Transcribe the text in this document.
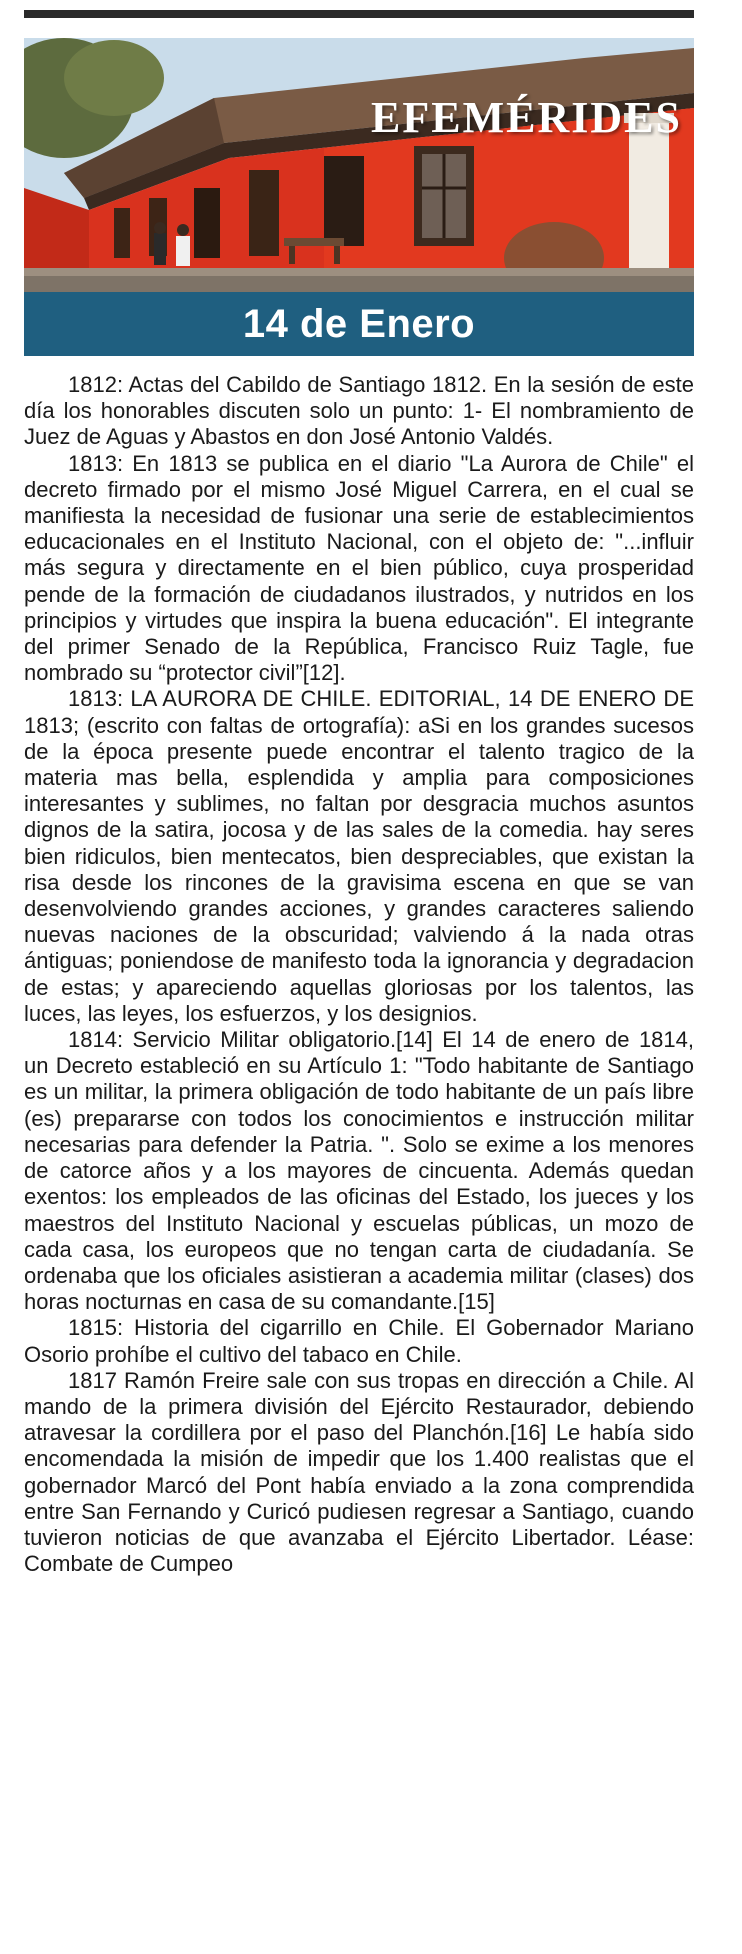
EFEMÉRIDES
14 de Enero

1812: Actas del Cabildo de Santiago 1812. En la sesión de este día los honorables discuten solo un punto: 1- El nombramiento de Juez de Aguas y Abastos en don José Antonio Valdés.

1813: En 1813 se publica en el diario "La Aurora de Chile" el decreto firmado por el mismo José Miguel Carrera, en el cual se manifiesta la necesidad de fusionar una serie de establecimientos educacionales en el Instituto Nacional, con el objeto de: "...influir más segura y directamente en el bien público, cuya prosperidad pende de la formación de ciudadanos ilustrados, y nutridos en los principios y virtudes que inspira la buena educación". El integrante del primer Senado de la República, Francisco Ruiz Tagle, fue nombrado su “protector civil”[12].

1813: LA AURORA DE CHILE. EDITORIAL, 14 DE ENERO DE 1813; (escrito con faltas de ortografía): aSi en los grandes sucesos de la época presente puede encontrar el talento tragico de la materia mas bella, esplendida y amplia para composiciones interesantes y sublimes, no faltan por desgracia muchos asuntos dignos de la satira, jocosa y de las sales de la comedia. hay seres bien ridiculos, bien mentecatos, bien despreciables, que existan la risa desde los rincones de la gravisima escena en que se van desenvolviendo grandes acciones, y grandes caracteres saliendo nuevas naciones de la obscuridad; valviendo á la nada otras ántiguas; poniendose de manifesto toda la ignorancia y degradacion de estas; y apareciendo aquellas gloriosas por los talentos, las luces, las leyes, los esfuerzos, y los designios.

1814: Servicio Militar obligatorio.[14] El 14 de enero de 1814, un Decreto estableció en su Artículo 1: "Todo habitante de Santiago es un militar, la primera obligación de todo habitante de un país libre (es) prepararse con todos los conocimientos e instrucción militar necesarias para defender la Patria. ". Solo se exime a los menores de catorce años y a los mayores de cincuenta. Además quedan exentos: los empleados de las oficinas del Estado, los jueces y los maestros del Instituto Nacional y escuelas públicas, un mozo de cada casa, los europeos que no tengan carta de ciudadanía. Se ordenaba que los oficiales asistieran a academia militar (clases) dos horas nocturnas en casa de su comandante.[15]

1815: Historia del cigarrillo en Chile. El Gobernador Mariano Osorio prohíbe el cultivo del tabaco en Chile.

1817 Ramón Freire sale con sus tropas en dirección a Chile. Al mando de la primera división del Ejército Restaurador, debiendo atravesar la cordillera por el paso del Planchón.[16] Le había sido encomendada la misión de impedir que los 1.400 realistas que el gobernador Marcó del Pont había enviado a la zona comprendida entre San Fernando y Curicó pudiesen regresar a Santiago, cuando tuvieron noticias de que avanzaba el Ejército Libertador. Léase: Combate de Cumpeo
